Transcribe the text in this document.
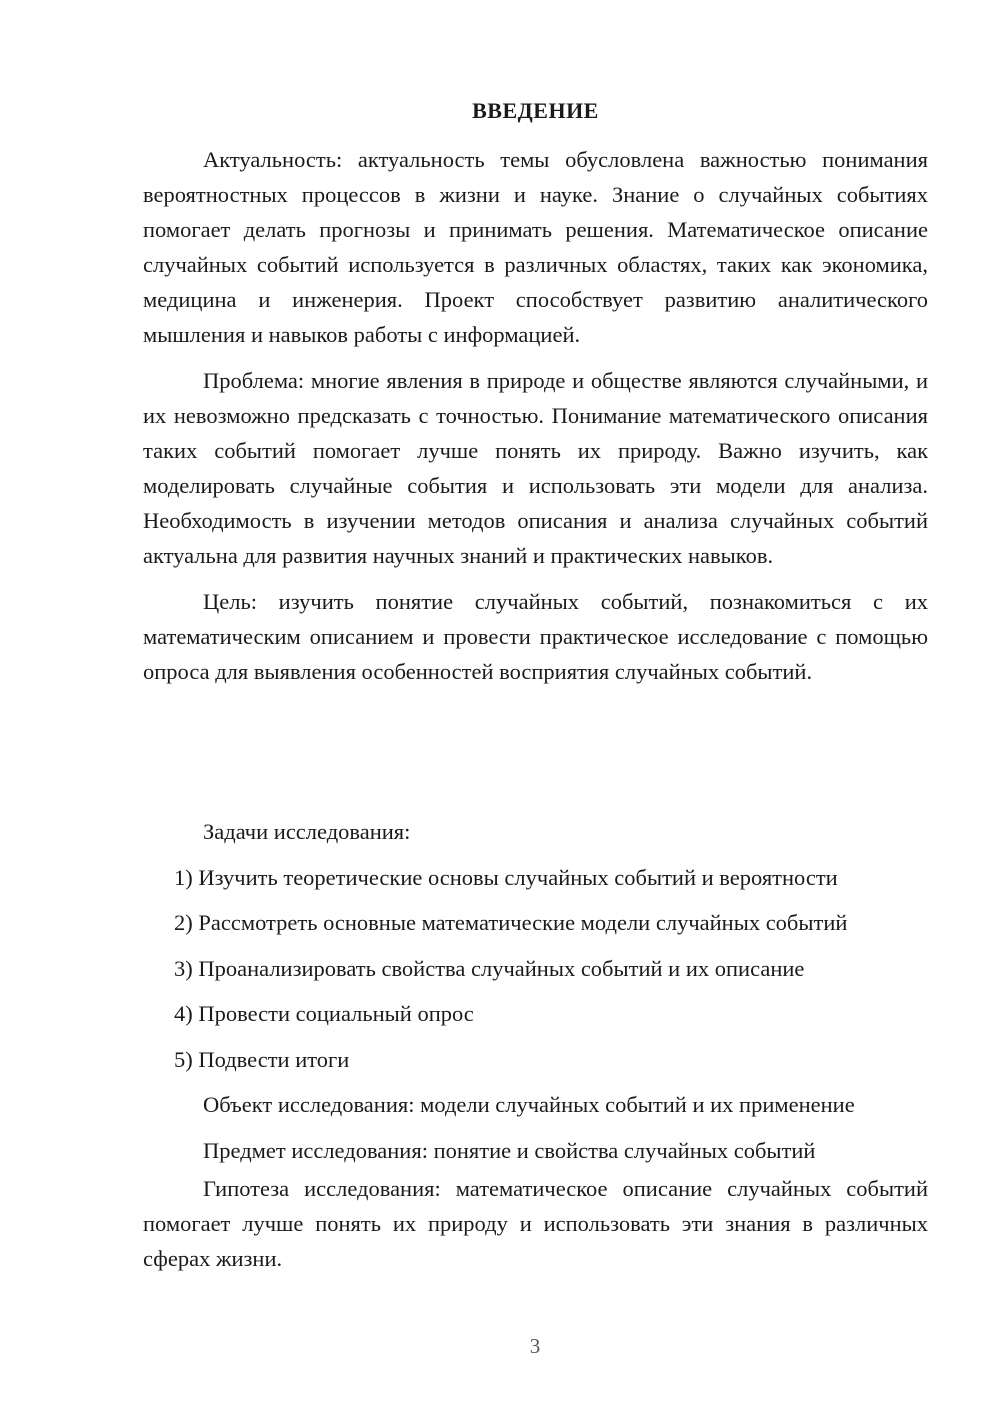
ВВЕДЕНИЕ

Актуальность: актуальность темы обусловлена важностью понимания вероятностных процессов в жизни и науке. Знание о случайных событиях помогает делать прогнозы и принимать решения. Математическое описание случайных событий используется в различных областях, таких как экономика, медицина и инженерия. Проект способствует развитию аналитического мышления и навыков работы с информацией.

Проблема: многие явления в природе и обществе являются случайными, и их невозможно предсказать с точностью. Понимание математического описания таких событий помогает лучше понять их природу. Важно изучить, как моделировать случайные события и использовать эти модели для анализа. Необходимость в изучении методов описания и анализа случайных событий актуальна для развития научных знаний и практических навыков.

Цель: изучить понятие случайных событий, познакомиться с их математическим описанием и провести практическое исследование с помощью опроса для выявления особенностей восприятия случайных событий.

Задачи исследования:

1) Изучить теоретические основы случайных событий и вероятности

2) Рассмотреть основные математические модели случайных событий

3) Проанализировать свойства случайных событий и их описание

4) Провести социальный опрос

5) Подвести итоги

Объект исследования: модели случайных событий и их применение

Предмет исследования: понятие и свойства случайных событий

Гипотеза исследования: математическое описание случайных событий помогает лучше понять их природу и использовать эти знания в различных сферах жизни.

3
